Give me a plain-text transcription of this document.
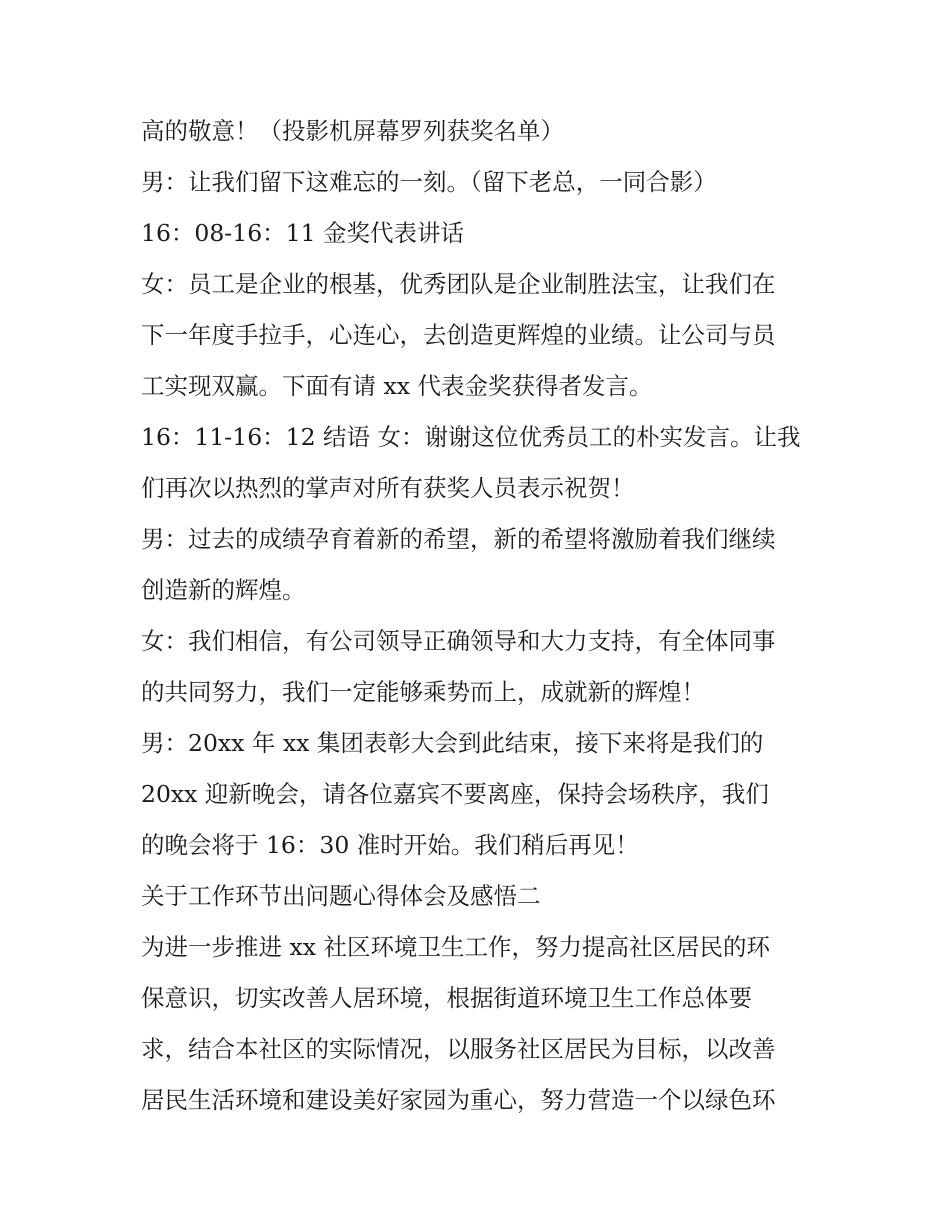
高的敬意！（投影机屏幕罗列获奖名单）
男：让我们留下这难忘的一刻。（留下老总，一同合影）
16：08-16：11 金奖代表讲话
女：员工是企业的根基，优秀团队是企业制胜法宝，让我们在
下一年度手拉手，心连心，去创造更辉煌的业绩。让公司与员
工实现双赢。下面有请 xx 代表金奖获得者发言。
16：11-16：12 结语 女：谢谢这位优秀员工的朴实发言。让我
们再次以热烈的掌声对所有获奖人员表示祝贺！
男：过去的成绩孕育着新的希望，新的希望将激励着我们继续
创造新的辉煌。
女：我们相信，有公司领导正确领导和大力支持，有全体同事
的共同努力，我们一定能够乘势而上，成就新的辉煌！
男：20xx 年 xx 集团表彰大会到此结束，接下来将是我们的
20xx 迎新晚会，请各位嘉宾不要离座，保持会场秩序，我们
的晚会将于 16：30 准时开始。我们稍后再见！
关于工作环节出问题心得体会及感悟二
为进一步推进 xx 社区环境卫生工作，努力提高社区居民的环
保意识，切实改善人居环境，根据街道环境卫生工作总体要
求，结合本社区的实际情况，以服务社区居民为目标，以改善
居民生活环境和建设美好家园为重心，努力营造一个以绿色环
